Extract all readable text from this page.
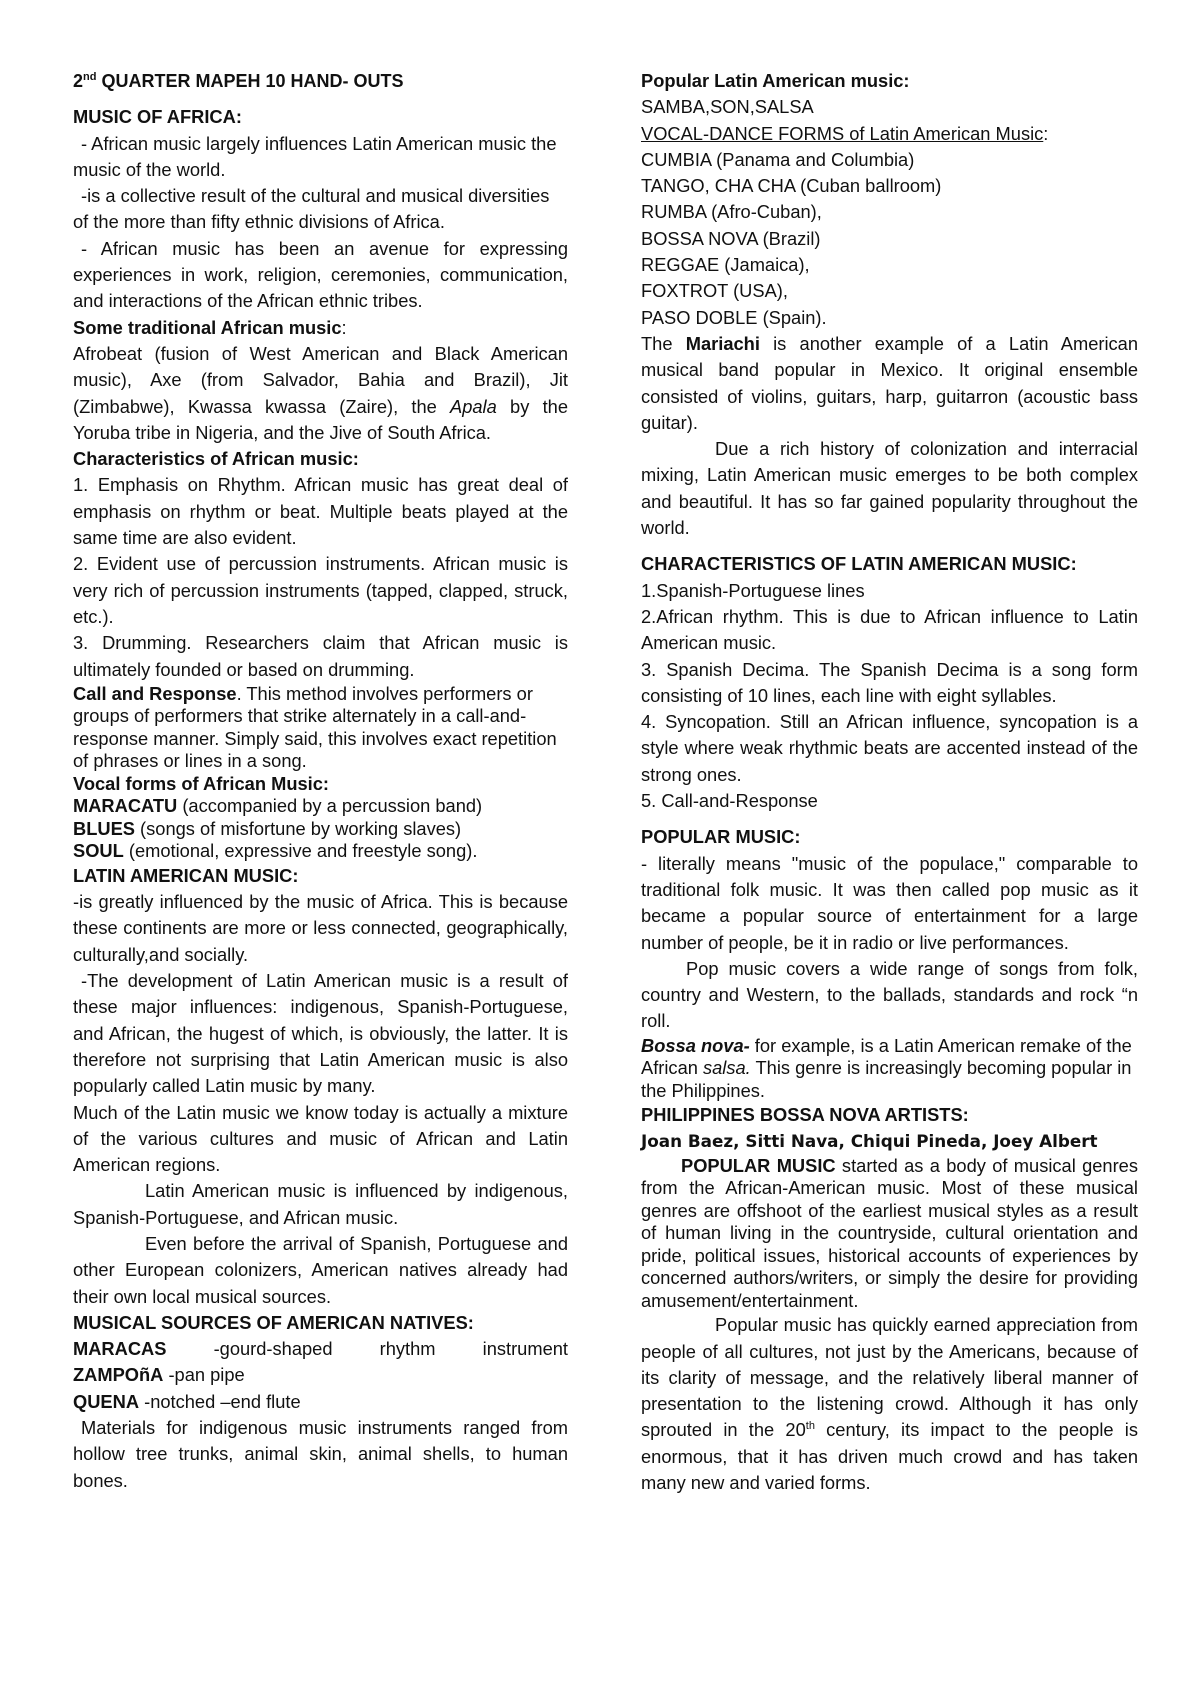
2nd QUARTER MAPEH 10 HAND- OUTS

MUSIC OF AFRICA:

- African music largely influences Latin American music the music of the world.

-is a collective result of the cultural and musical diversities of the more than fifty ethnic divisions of Africa.

- African music has been an avenue for expressing experiences in work, religion, ceremonies, communication, and interactions of the African ethnic tribes.

Some traditional African music:

Afrobeat (fusion of West American and Black American music), Axe (from Salvador, Bahia and Brazil), Jit (Zimbabwe), Kwassa kwassa (Zaire), the Apala by the Yoruba tribe in Nigeria, and the Jive of South Africa.

Characteristics of African music:

1. Emphasis on Rhythm. African music has great deal of emphasis on rhythm or beat. Multiple beats played at the same time are also evident.

2. Evident use of percussion instruments. African music is very rich of percussion instruments (tapped, clapped, struck, etc.).

3. Drumming. Researchers claim that African music is ultimately founded or based on drumming.

Call and Response. This method involves performers or groups of performers that strike alternately in a call-and-response manner. Simply said, this involves exact repetition of phrases or lines in a song.

Vocal forms of African Music:

MARACATU (accompanied by a percussion band)

BLUES (songs of misfortune by working slaves)

SOUL (emotional, expressive and freestyle song).

LATIN AMERICAN MUSIC:

-is greatly influenced by the music of Africa. This is because these continents are more or less connected, geographically, culturally,and socially.

-The development of Latin American music is a result of these major influences: indigenous, Spanish-Portuguese, and African, the hugest of which, is obviously, the latter. It is therefore not surprising that Latin American music is also popularly called Latin music by many.

Much of the Latin music we know today is actually a mixture of the various cultures and music of African and Latin American regions.

Latin American music is influenced by indigenous, Spanish-Portuguese, and African music.

Even before the arrival of Spanish, Portuguese and other European colonizers, American natives already had their own local musical sources.

MUSICAL SOURCES OF AMERICAN NATIVES:

MARACAS -gourd-shaped rhythm instrument

ZAMPOñA -pan pipe

QUENA -notched –end flute

Materials for indigenous music instruments ranged from hollow tree trunks, animal skin, animal shells, to human bones.

Popular Latin American music:

SAMBA,SON,SALSA

VOCAL-DANCE FORMS of Latin American Music:

CUMBIA (Panama and Columbia)

TANGO, CHA CHA (Cuban ballroom)

RUMBA (Afro-Cuban),

BOSSA NOVA (Brazil)

REGGAE (Jamaica),

FOXTROT (USA),

PASO DOBLE (Spain).

The Mariachi is another example of a Latin American musical band popular in Mexico. It original ensemble consisted of violins, guitars, harp, guitarron (acoustic bass guitar).

Due a rich history of colonization and interracial mixing, Latin American music emerges to be both complex and beautiful. It has so far gained popularity throughout the world.

CHARACTERISTICS OF LATIN AMERICAN MUSIC:

1.Spanish-Portuguese lines

2.African rhythm. This is due to African influence to Latin American music.

3. Spanish Decima. The Spanish Decima is a song form consisting of 10 lines, each line with eight syllables.

4. Syncopation. Still an African influence, syncopation is a style where weak rhythmic beats are accented instead of the strong ones.

5. Call-and-Response

POPULAR MUSIC:

- literally means "music of the populace," comparable to traditional folk music. It was then called pop music as it became a popular source of entertainment for a large number of people, be it in radio or live performances.

Pop music covers a wide range of songs from folk, country and Western, to the ballads, standards and rock “n roll.

Bossa nova- for example, is a Latin American remake of the African salsa. This genre is increasingly becoming popular in the Philippines.

PHILIPPINES BOSSA NOVA ARTISTS:

Joan Baez, Sitti Nava, Chiqui Pineda, Joey Albert

POPULAR MUSIC started as a body of musical genres from the African-American music. Most of these musical genres are offshoot of the earliest musical styles as a result of human living in the countryside, cultural orientation and pride, political issues, historical accounts of experiences by concerned authors/writers, or simply the desire for providing amusement/entertainment.

Popular music has quickly earned appreciation from people of all cultures, not just by the Americans, because of its clarity of message, and the relatively liberal manner of presentation to the listening crowd. Although it has only sprouted in the 20th century, its impact to the people is enormous, that it has driven much crowd and has taken many new and varied forms.
